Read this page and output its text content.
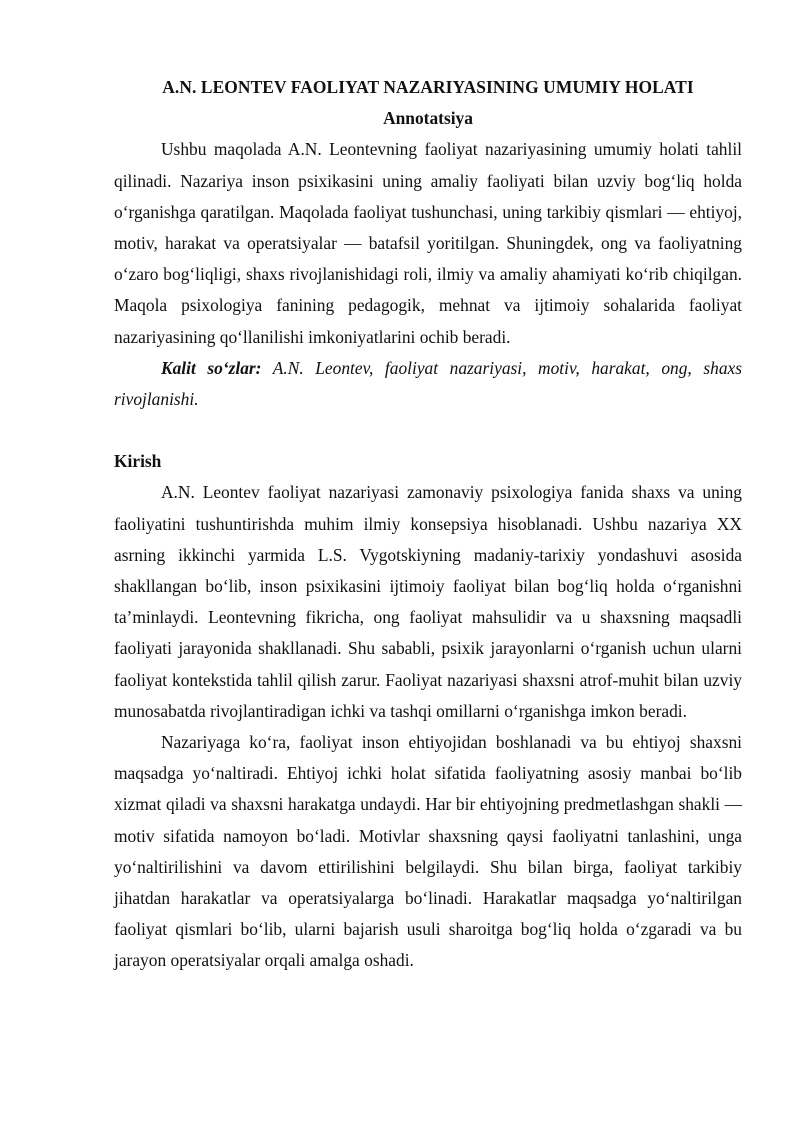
A.N. LEONTEV FAOLIYAT NAZARIYASINING UMUMIY HOLATI

Annotatsiya

Ushbu maqolada A.N. Leontevning faoliyat nazariyasining umumiy holati tahlil qilinadi. Nazariya inson psixikasini uning amaliy faoliyati bilan uzviy bog‘liq holda o‘rganishga qaratilgan. Maqolada faoliyat tushunchasi, uning tarkibiy qismlari — ehtiyoj, motiv, harakat va operatsiyalar — batafsil yoritilgan. Shuningdek, ong va faoliyatning o‘zaro bog‘liqligi, shaxs rivojlanishidagi roli, ilmiy va amaliy ahamiyati ko‘rib chiqilgan. Maqola psixologiya fanining pedagogik, mehnat va ijtimoiy sohalarida faoliyat nazariyasining qo‘llanilishi imkoniyatlarini ochib beradi.

Kalit so‘zlar: A.N. Leontev, faoliyat nazariyasi, motiv, harakat, ong, shaxs rivojlanishi.

Kirish

A.N. Leontev faoliyat nazariyasi zamonaviy psixologiya fanida shaxs va uning faoliyatini tushuntirishda muhim ilmiy konsepsiya hisoblanadi. Ushbu nazariya XX asrning ikkinchi yarmida L.S. Vygotskiyning madaniy-tarixiy yondashuvi asosida shakllangan bo‘lib, inson psixikasini ijtimoiy faoliyat bilan bog‘liq holda o‘rganishni ta’minlaydi. Leontevning fikricha, ong faoliyat mahsulidir va u shaxsning maqsadli faoliyati jarayonida shakllanadi. Shu sababli, psixik jarayonlarni o‘rganish uchun ularni faoliyat kontekstida tahlil qilish zarur. Faoliyat nazariyasi shaxsni atrof-muhit bilan uzviy munosabatda rivojlantiradigan ichki va tashqi omillarni o‘rganishga imkon beradi.

Nazariyaga ko‘ra, faoliyat inson ehtiyojidan boshlanadi va bu ehtiyoj shaxsni maqsadga yo‘naltiradi. Ehtiyoj ichki holat sifatida faoliyatning asosiy manbai bo‘lib xizmat qiladi va shaxsni harakatga undaydi. Har bir ehtiyojning predmetlashgan shakli — motiv sifatida namoyon bo‘ladi. Motivlar shaxsning qaysi faoliyatni tanlashini, unga yo‘naltirilishini va davom ettirilishini belgilaydi. Shu bilan birga, faoliyat tarkibiy jihatdan harakatlar va operatsiyalarga bo‘linadi. Harakatlar maqsadga yo‘naltirilgan faoliyat qismlari bo‘lib, ularni bajarish usuli sharoitga bog‘liq holda o‘zgaradi va bu jarayon operatsiyalar orqali amalga oshadi.
